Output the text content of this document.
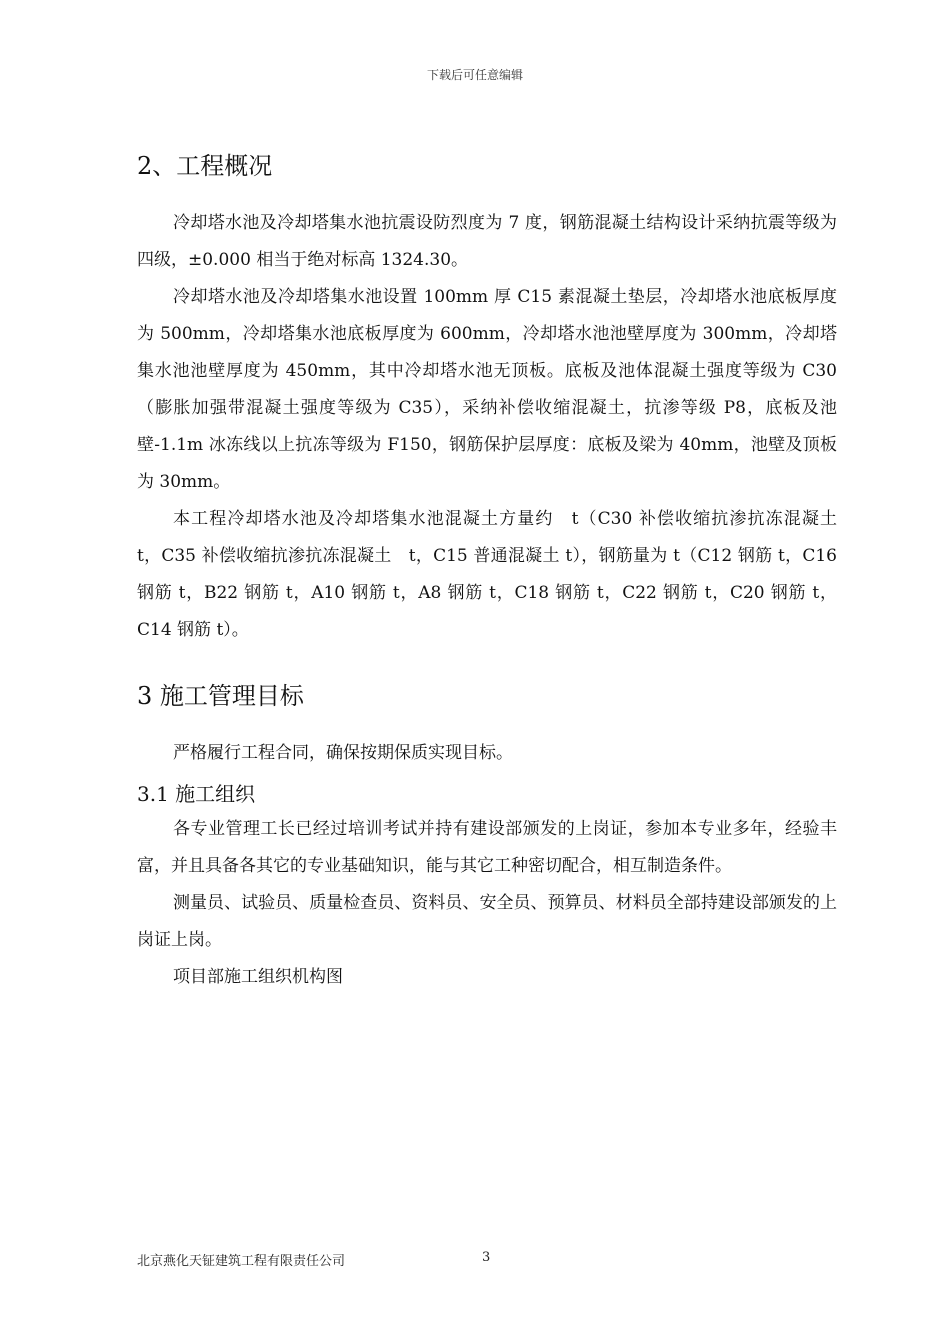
下载后可任意编辑
2、工程概况

冷却塔水池及冷却塔集水池抗震设防烈度为 7 度，钢筋混凝土结构设计采纳抗震等级为四级，±0.000 相当于绝对标高 1324.30。

冷却塔水池及冷却塔集水池设置 100mm 厚 C15 素混凝土垫层，冷却塔水池底板厚度为 500mm，冷却塔集水池底板厚度为 600mm，冷却塔水池池壁厚度为 300mm，冷却塔集水池池壁厚度为 450mm，其中冷却塔水池无顶板。底板及池体混凝土强度等级为 C30（膨胀加强带混凝土强度等级为 C35），采纳补偿收缩混凝土，抗渗等级 P8，底板及池壁-1.1m 冰冻线以上抗冻等级为 F150，钢筋保护层厚度：底板及梁为 40mm，池壁及顶板为 30mm。

本工程冷却塔水池及冷却塔集水池混凝土方量约　t（C30 补偿收缩抗渗抗冻混凝土　t，C35 补偿收缩抗渗抗冻混凝土　t，C15 普通混凝土 t），钢筋量为 t（C12 钢筋 t，C16 钢筋 t，B22 钢筋 t，A10 钢筋 t，A8 钢筋 t，C18 钢筋 t，C22 钢筋 t，C20 钢筋 t，C14 钢筋 t）。

3 施工管理目标

严格履行工程合同，确保按期保质实现目标。

3.1 施工组织

各专业管理工长已经过培训考试并持有建设部颁发的上岗证，参加本专业多年，经验丰富，并且具备各其它的专业基础知识，能与其它工种密切配合，相互制造条件。

测量员、试验员、质量检查员、资料员、安全员、预算员、材料员全部持建设部颁发的上岗证上岗。

项目部施工组织机构图

北京燕化天钲建筑工程有限责任公司	3
